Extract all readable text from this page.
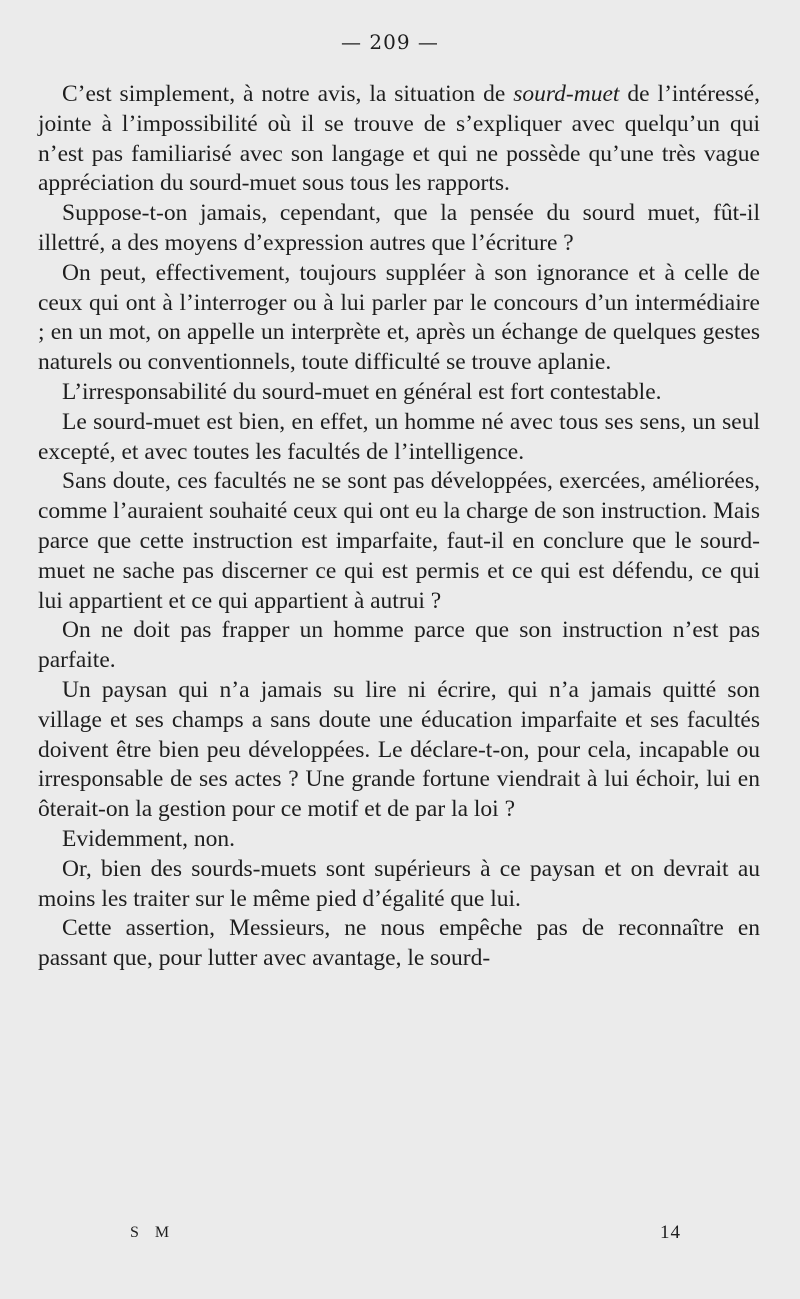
— 209 —

C’est simplement, à notre avis, la situation de sourd-muet de l’intéressé, jointe à l’impossibilité où il se trouve de s’expliquer avec quelqu’un qui n’est pas familiarisé avec son langage et qui ne possède qu’une très vague appréciation du sourd-muet sous tous les rapports.

Suppose-t-on jamais, cependant, que la pensée du sourd muet, fût-il illettré, a des moyens d’expression autres que l’écriture ?

On peut, effectivement, toujours suppléer à son ignorance et à celle de ceux qui ont à l’interroger ou à lui parler par le concours d’un intermédiaire ; en un mot, on appelle un interprète et, après un échange de quelques gestes naturels ou conventionnels, toute difficulté se trouve aplanie.

L’irresponsabilité du sourd-muet en général est fort contestable.

Le sourd-muet est bien, en effet, un homme né avec tous ses sens, un seul excepté, et avec toutes les facultés de l’intelligence.

Sans doute, ces facultés ne se sont pas développées, exercées, améliorées, comme l’auraient souhaité ceux qui ont eu la charge de son instruction. Mais parce que cette instruction est imparfaite, faut-il en conclure que le sourd-muet ne sache pas discerner ce qui est permis et ce qui est défendu, ce qui lui appartient et ce qui appartient à autrui ?

On ne doit pas frapper un homme parce que son instruction n’est pas parfaite.

Un paysan qui n’a jamais su lire ni écrire, qui n’a jamais quitté son village et ses champs a sans doute une éducation imparfaite et ses facultés doivent être bien peu développées. Le déclare-t-on, pour cela, incapable ou irresponsable de ses actes ? Une grande fortune viendrait à lui échoir, lui en ôterait-on la gestion pour ce motif et de par la loi ?

Evidemment, non.

Or, bien des sourds-muets sont supérieurs à ce paysan et on devrait au moins les traiter sur le même pied d’égalité que lui.

Cette assertion, Messieurs, ne nous empêche pas de reconnaître en passant que, pour lutter avec avantage, le sourd-

S M	14
